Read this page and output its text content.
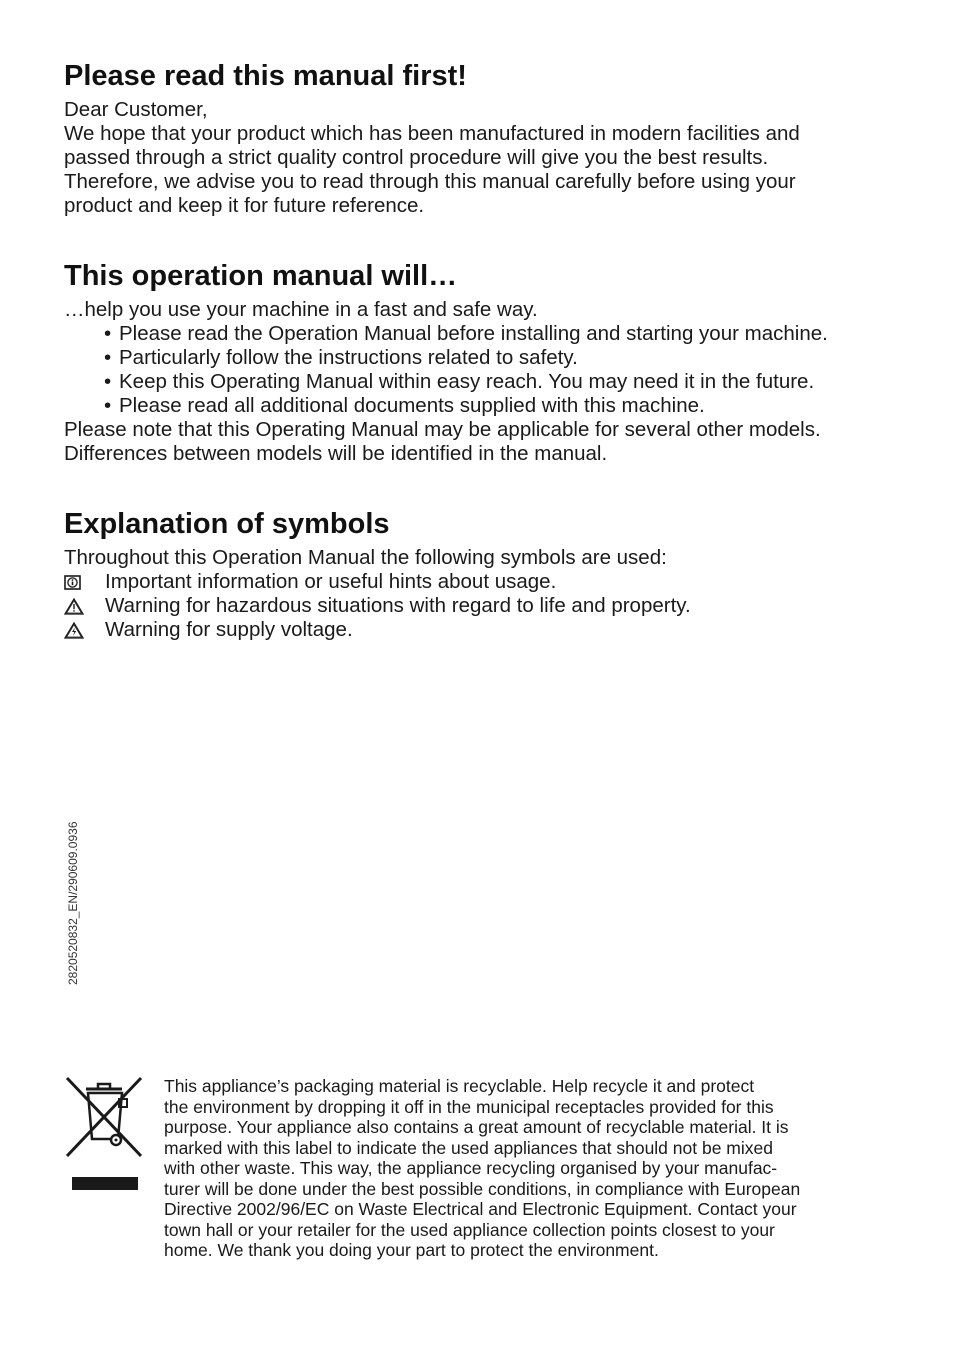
Please read this manual first!

Dear Customer,

We hope that your product which has been manufactured in modern facilities and

passed through a strict quality control procedure will give you the best results.

Therefore, we advise you to read through this manual carefully before using your

product and keep it for future reference.

This operation manual will…

…help you use your machine in a fast and safe way.

• Please read the Operation Manual before installing and starting your machine.
• Particularly follow the instructions related to safety.
• Keep this Operating Manual within easy reach. You may need it in the future.
• Please read all additional documents supplied with this machine.

Please note that this Operating Manual may be applicable for several other models.

Differences between models will be identified in the manual.

Explanation of symbols

Throughout this Operation Manual the following symbols are used:

Important information or useful hints about usage.
Warning for hazardous situations with regard to life and property.
Warning for supply voltage.
2820520832_EN/290609.0936
This appliance’s packaging material is recyclable. Help recycle it and protect
the environment by dropping it off in the municipal receptacles provided for this
purpose. Your appliance also contains a great amount of recyclable material. It is
marked with this label to indicate the used appliances that should not be mixed
with other waste. This way, the appliance recycling organised by your manufac-
turer will be done under the best possible conditions, in compliance with European
Directive 2002/96/EC on Waste Electrical and Electronic Equipment. Contact your
town hall or your retailer for the used appliance collection points closest to your
home. We thank you doing your part to protect the environment.
